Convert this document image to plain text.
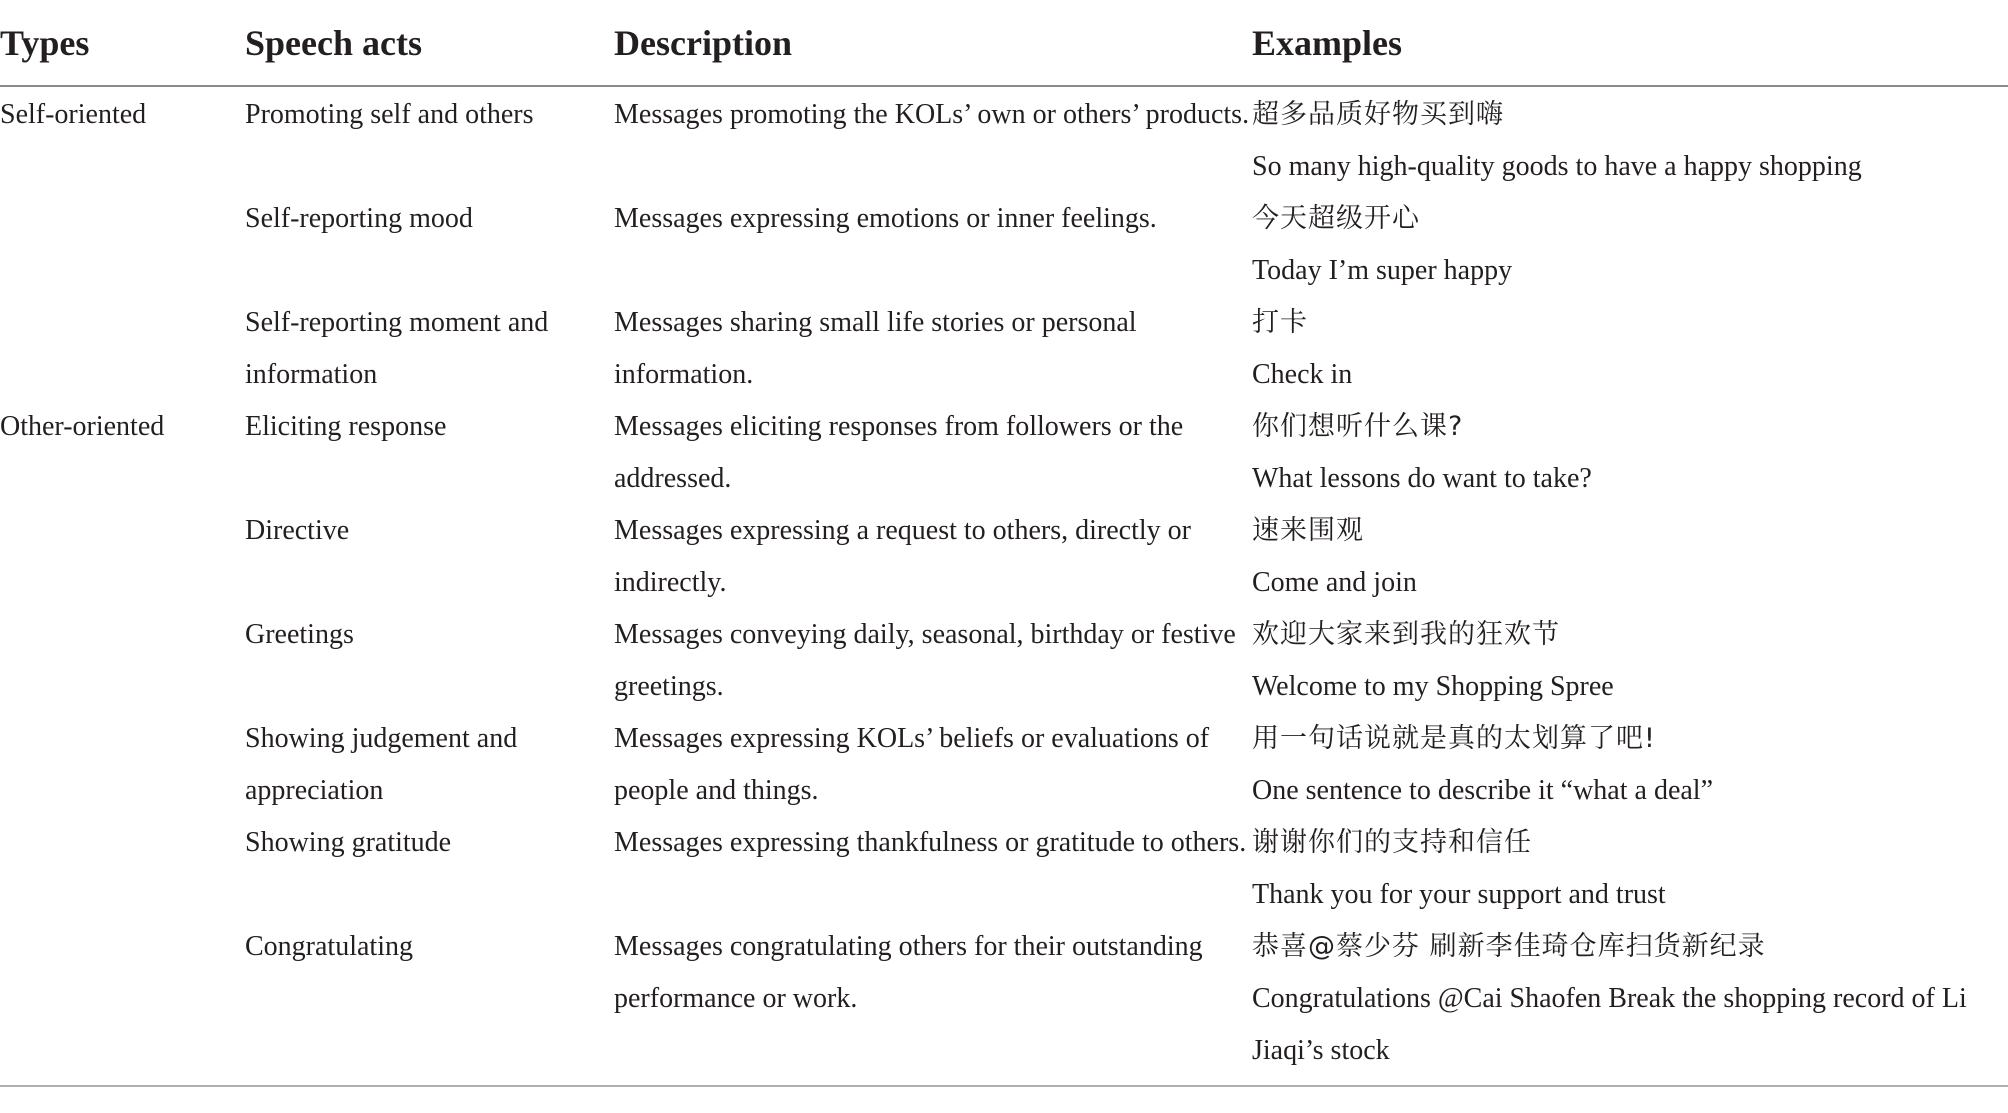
Types	Speech acts	Description	Examples
Self-oriented	Promoting self and others	Messages promoting the KOLs’ own or others’ products.	超多品质好物买到嗨
So many high-quality goods to have a happy shopping

	Self-reporting mood	Messages expressing emotions or inner feelings.	今天超级开心
Today I’m super happy

	Self-reporting moment and information	Messages sharing small life stories or personal information.	打卡
Check in

Other-oriented	Eliciting response	Messages eliciting responses from followers or the addressed.	你们想听什么课?
What lessons do want to take?

	Directive	Messages expressing a request to others, directly or indirectly.	速来围观
Come and join

	Greetings	Messages conveying daily, seasonal, birthday or festive greetings.	欢迎大家来到我的狂欢节
Welcome to my Shopping Spree

	Showing judgement and appreciation	Messages expressing KOLs’ beliefs or evaluations of people and things.	用一句话说就是真的太划算了吧!
One sentence to describe it “what a deal”

	Showing gratitude	Messages expressing thankfulness or gratitude to others.	谢谢你们的支持和信任
Thank you for your support and trust

	Congratulating	Messages congratulating others for their outstanding performance or work.	恭喜@蔡少芬 刷新李佳琦仓库扫货新纪录
Congratulations @Cai Shaofen Break the shopping record of Li Jiaqi’s stock
